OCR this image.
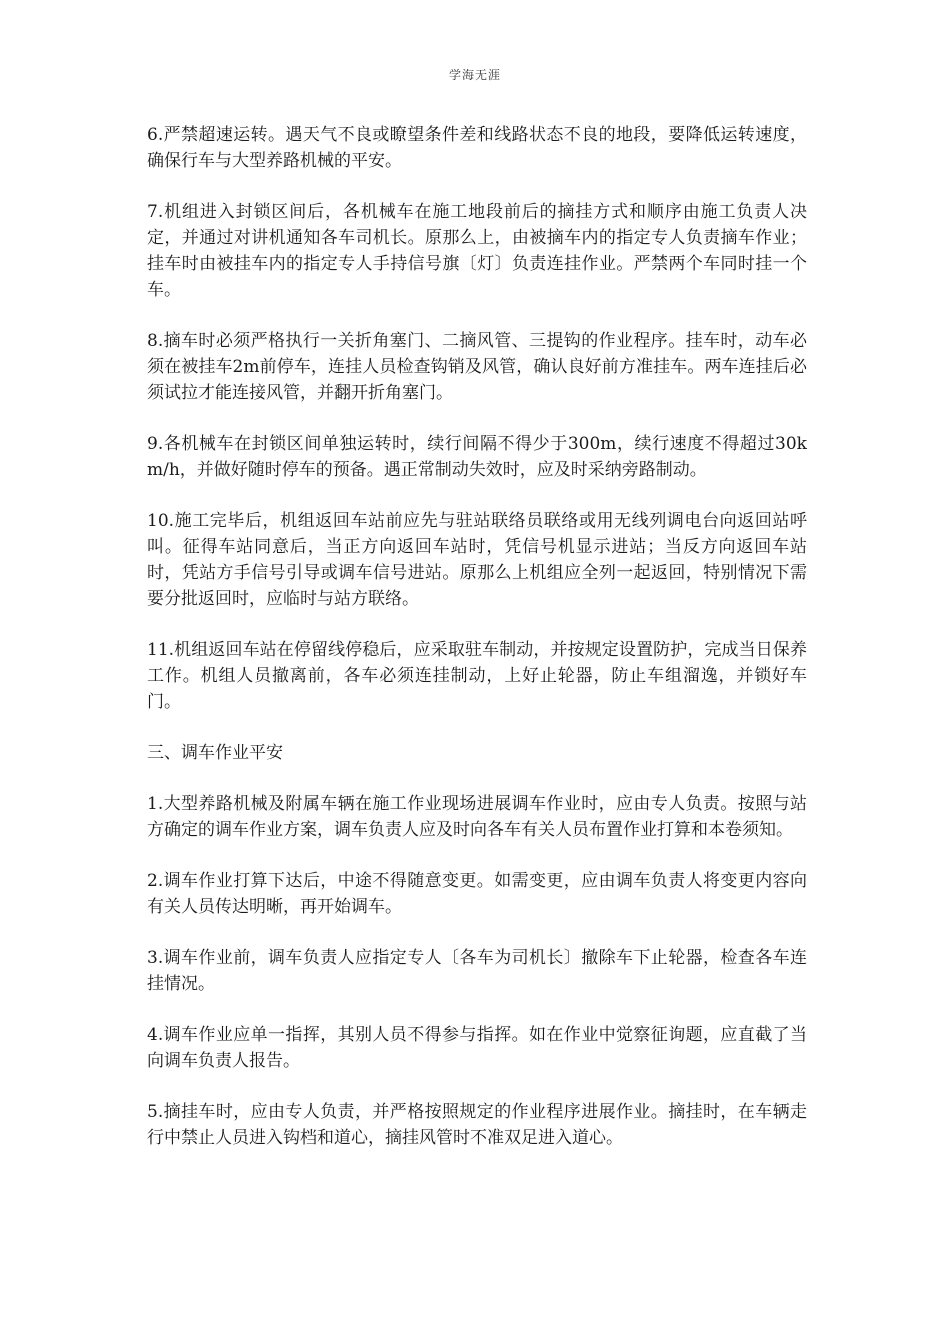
学海无涯

6.严禁超速运转。遇天气不良或瞭望条件差和线路状态不良的地段，要降低运转速度，确保行车与大型养路机械的平安。

7.机组进入封锁区间后，各机械车在施工地段前后的摘挂方式和顺序由施工负责人决定，并通过对讲机通知各车司机长。原那么上，由被摘车内的指定专人负责摘车作业；挂车时由被挂车内的指定专人手持信号旗〔灯〕负责连挂作业。严禁两个车同时挂一个车。

8.摘车时必须严格执行一关折角塞门、二摘风管、三提钩的作业程序。挂车时，动车必须在被挂车2m前停车，连挂人员检查钩销及风管，确认良好前方准挂车。两车连挂后必须试拉才能连接风管，并翻开折角塞门。

9.各机械车在封锁区间单独运转时，续行间隔不得少于300m，续行速度不得超过30km/h，并做好随时停车的预备。遇正常制动失效时，应及时采纳旁路制动。

10.施工完毕后，机组返回车站前应先与驻站联络员联络或用无线列调电台向返回站呼叫。征得车站同意后，当正方向返回车站时，凭信号机显示进站；当反方向返回车站时，凭站方手信号引导或调车信号进站。原那么上机组应全列一起返回，特别情况下需要分批返回时，应临时与站方联络。

11.机组返回车站在停留线停稳后，应采取驻车制动，并按规定设置防护，完成当日保养工作。机组人员撤离前，各车必须连挂制动，上好止轮器，防止车组溜逸，并锁好车门。

三、调车作业平安

1.大型养路机械及附属车辆在施工作业现场进展调车作业时，应由专人负责。按照与站方确定的调车作业方案，调车负责人应及时向各车有关人员布置作业打算和本卷须知。

2.调车作业打算下达后，中途不得随意变更。如需变更，应由调车负责人将变更内容向有关人员传达明晰，再开始调车。

3.调车作业前，调车负责人应指定专人〔各车为司机长〕撤除车下止轮器，检查各车连挂情况。

4.调车作业应单一指挥，其别人员不得参与指挥。如在作业中觉察征询题，应直截了当向调车负责人报告。

5.摘挂车时，应由专人负责，并严格按照规定的作业程序进展作业。摘挂时，在车辆走行中禁止人员进入钩档和道心，摘挂风管时不准双足进入道心。
